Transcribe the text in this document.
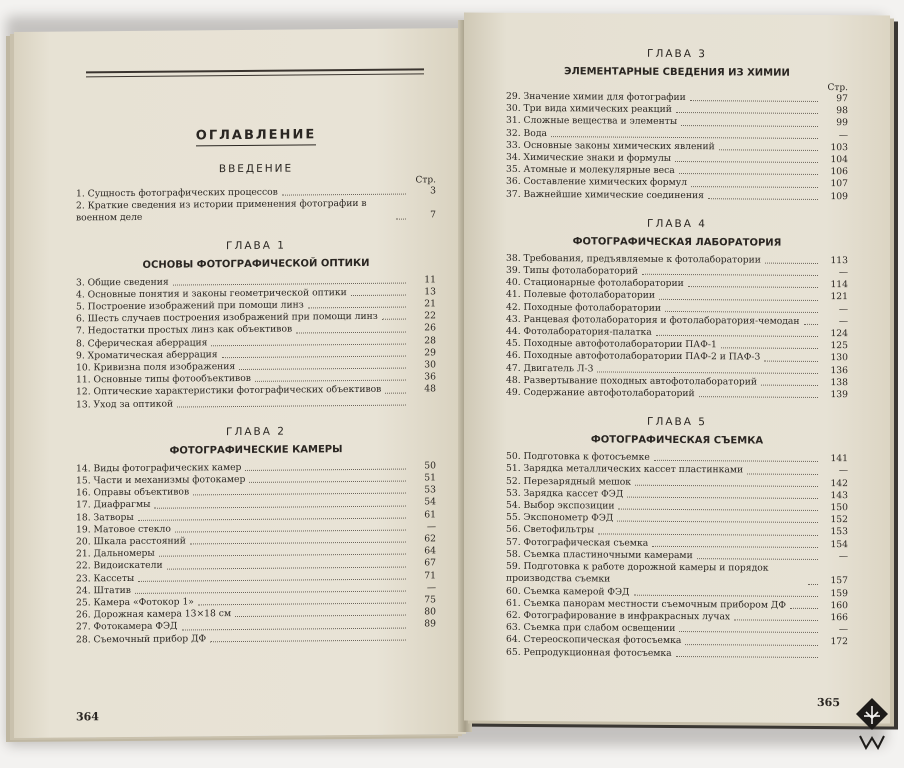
ОГЛАВЛЕНИЕ
ВВЕДЕНИЕ
Стр.
1. Сущность фотографических процессов	3
2. Краткие сведения из истории применения фотографии в военном деле	7
ГЛАВА 1
ОСНОВЫ ФОТОГРАФИЧЕСКОЙ ОПТИКИ
3. Общие сведения	11
4. Основные понятия и законы геометрической оптики	13
5. Построение изображений при помощи линз	21
6. Шесть случаев построения изображений при помощи линз	22
7. Недостатки простых линз как объективов	26
8. Сферическая аберрация	28
9. Хроматическая аберрация	29
10. Кривизна поля изображения	30
11. Основные типы фотообъективов	36
12. Оптические характеристики фотографических объективов	48
13. Уход за оптикой
ГЛАВА 2
ФОТОГРАФИЧЕСКИЕ КАМЕРЫ
14. Виды фотографических камер	50
15. Части и механизмы фотокамер	51
16. Оправы объективов	53
17. Диафрагмы	54
18. Затворы	61
19. Матовое стекло	—
20. Шкала расстояний	62
21. Дальномеры	64
22. Видоискатели	67
23. Кассеты	71
24. Штатив	—
25. Камера «Фотокор 1»	75
26. Дорожная камера 13×18 см	80
27. Фотокамера ФЭД	89
28. Съемочный прибор ДФ
364
ГЛАВА 3
ЭЛЕМЕНТАРНЫЕ СВЕДЕНИЯ ИЗ ХИМИИ
Стр.
29. Значение химии для фотографии	97
30. Три вида химических реакций	98
31. Сложные вещества и элементы	99
32. Вода	—
33. Основные законы химических явлений	103
34. Химические знаки и формулы	104
35. Атомные и молекулярные веса	106
36. Составление химических формул	107
37. Важнейшие химические соединения	109
ГЛАВА 4
ФОТОГРАФИЧЕСКАЯ ЛАБОРАТОРИЯ
38. Требования, предъявляемые к фотолаборатории	113
39. Типы фотолабораторий	—
40. Стационарные фотолаборатории	114
41. Полевые фотолаборатории	121
42. Походные фотолаборатории	—
43. Ранцевая фотолаборатория и фотолаборатория-чемодан	—
44. Фотолаборатория-палатка	124
45. Походные автофотолаборатории ПАФ-1	125
46. Походные автофотолаборатории ПАФ-2 и ПАФ-3	130
47. Двигатель Л-3	136
48. Развертывание походных автофотолабораторий	138
49. Содержание автофотолабораторий	139
ГЛАВА 5
ФОТОГРАФИЧЕСКАЯ СЪЕМКА
50. Подготовка к фотосъемке	141
51. Зарядка металлических кассет пластинками	—
52. Перезарядный мешок	142
53. Зарядка кассет ФЭД	143
54. Выбор экспозиции	150
55. Экспонометр ФЭД	152
56. Светофильтры	153
57. Фотографическая съемка	154
58. Съемка пластиночными камерами	—
59. Подготовка к работе дорожной камеры и порядок производства съемки	157
60. Съемка камерой ФЭД	159
61. Съемка панорам местности съемочным прибором ДФ	160
62. Фотографирование в инфракрасных лучах	166
63. Съемка при слабом освещении	—
64. Стереоскопическая фотосъемка	172
65. Репродукционная фотосъемка
365
